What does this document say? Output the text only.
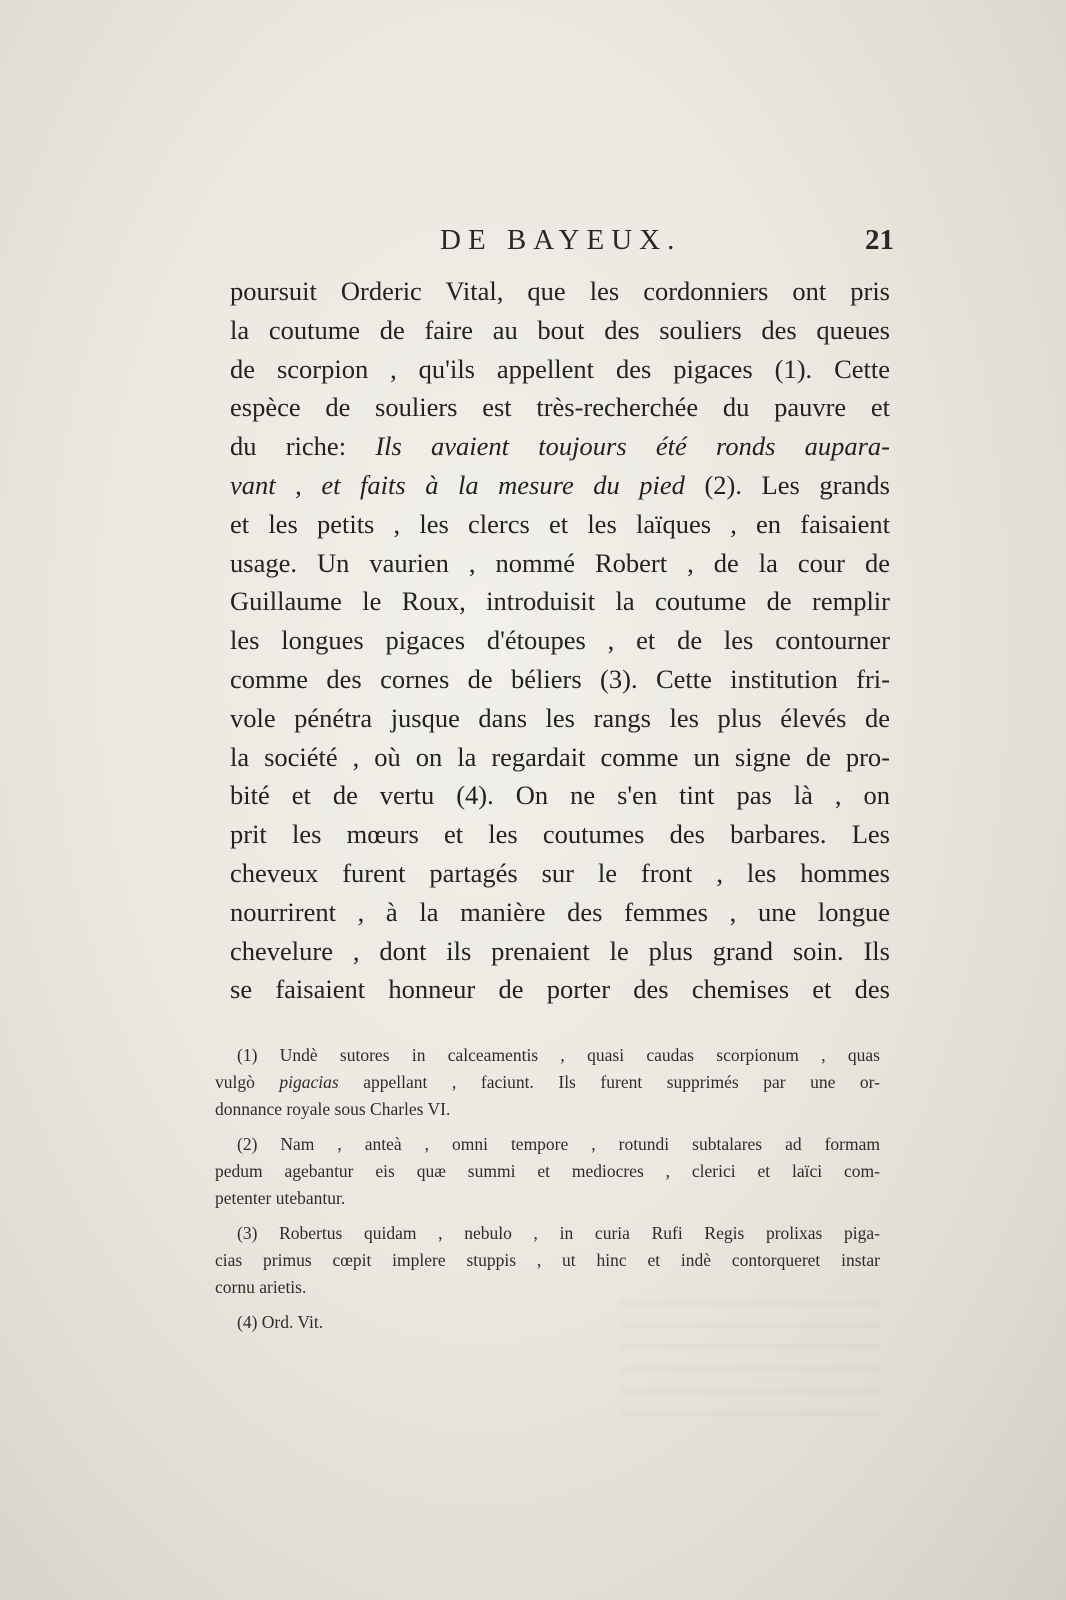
DE BAYEUX.	21
poursuit Orderic Vital, que les cordonniers ont pris
la coutume de faire au bout des souliers des queues
de scorpion , qu'ils appellent des pigaces (1). Cette
espèce de souliers est très-recherchée du pauvre et
du riche: Ils avaient toujours été ronds aupara-
vant , et faits à la mesure du pied (2). Les grands
et les petits , les clercs et les laïques , en faisaient
usage. Un vaurien , nommé Robert , de la cour de
Guillaume le Roux, introduisit la coutume de remplir
les longues pigaces d'étoupes , et de les contourner
comme des cornes de béliers (3). Cette institution fri-
vole pénétra jusque dans les rangs les plus élevés de
la société , où on la regardait comme un signe de pro-
bité et de vertu (4). On ne s'en tint pas là , on
prit les mœurs et les coutumes des barbares. Les
cheveux furent partagés sur le front , les hommes
nourrirent , à la manière des femmes , une longue
chevelure , dont ils prenaient le plus grand soin. Ils
se faisaient honneur de porter des chemises et des
(1) Undè sutores in calceamentis , quasi caudas scorpionum , quas
vulgò pigacias appellant , faciunt. Ils furent supprimés par une or-
donnance royale sous Charles VI.
(2) Nam , anteà , omni tempore , rotundi subtalares ad formam
pedum agebantur eis quæ summi et mediocres , clerici et laïci com-
petenter utebantur.
(3) Robertus quidam , nebulo , in curia Rufi Regis prolixas piga-
cias primus cœpit implere stuppis , ut hinc et indè contorqueret instar
cornu arietis.
(4) Ord. Vit.
